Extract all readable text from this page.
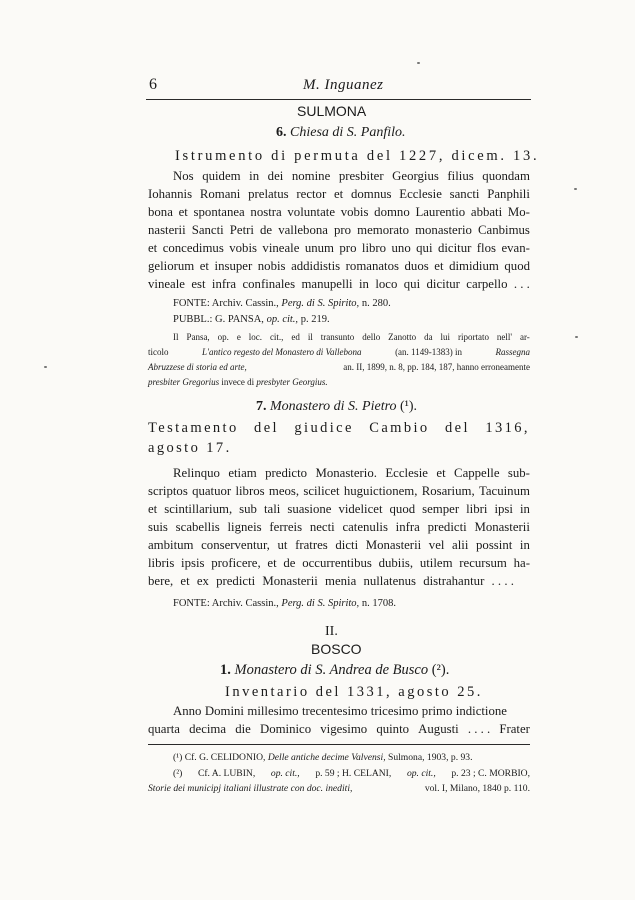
6	M. Inguanez
SULMONA
6. Chiesa di S. Panfilo.
Istrumento di permuta del 1227, dicem. 13.
Nos quidem in dei nomine presbiter Georgius filius quondam
Iohannis Romani prelatus rector et domnus Ecclesie sancti Panphili
bona et spontanea nostra voluntate vobis domno Laurentio abbati Mo-
nasterii Sancti Petri de vallebona pro memorato monasterio Canbimus
et concedimus vobis vineale unum pro libro uno qui dicitur flos evan-
geliorum et insuper nobis addidistis romanatos duos et dimidium quod
vineale est infra confinales manupelli in loco qui dicitur carpello . . .
FONTE: Archiv. Cassin., Perg. di S. Spirito, n. 280.
PUBBL.: G. PANSA, op. cit., p. 219.
Il Pansa, op. e loc. cit., ed il transunto dello Zanotto da lui riportato nell' ar-
ticolo	L'antico regesto del Monastero di Vallebona	(an. 1149-1383) in	Rassegna
Abruzzese di storia ed arte,	an. II, 1899, n. 8, pp. 184, 187, hanno erroneamente
presbiter Gregorius invece di presbyter Georgius.
7. Monastero di S. Pietro (¹).
Testamento del giudice Cambio del 1316,
agosto 17.
Relinquo etiam predicto Monasterio. Ecclesie et Cappelle sub-
scriptos quatuor libros meos, scilicet huguictionem, Rosarium, Tacuinum
et scintillarium, sub tali suasione videlicet quod semper libri ipsi in
suis scabellis ligneis ferreis necti catenulis infra predicti Monasterii
ambitum conserventur, ut fratres dicti Monasterii vel alii possint in
libris ipsis proficere, et de occurrentibus dubiis, utilem recursum ha-
bere, et ex predicti Monasterii menia nullatenus distrahantur . . . .
FONTE: Archiv. Cassin., Perg. di S. Spirito, n. 1708.
II.
BOSCO
1. Monastero di S. Andrea de Busco (²).
Inventario del 1331, agosto 25.
Anno Domini millesimo trecentesimo tricesimo primo indictione
quarta decima die Dominico vigesimo quinto Augusti . . . . Frater
(¹) Cf. G. CELIDONIO, Delle antiche decime Valvensi, Sulmona, 1903, p. 93.
(²) Cf. A. LUBIN, op. cit., p. 59 ; H. CELANI, op. cit., p. 23 ; C. MORBIO,
Storie dei municipj italiani illustrate con doc. inediti,	vol. I, Milano, 1840 p. 110.
